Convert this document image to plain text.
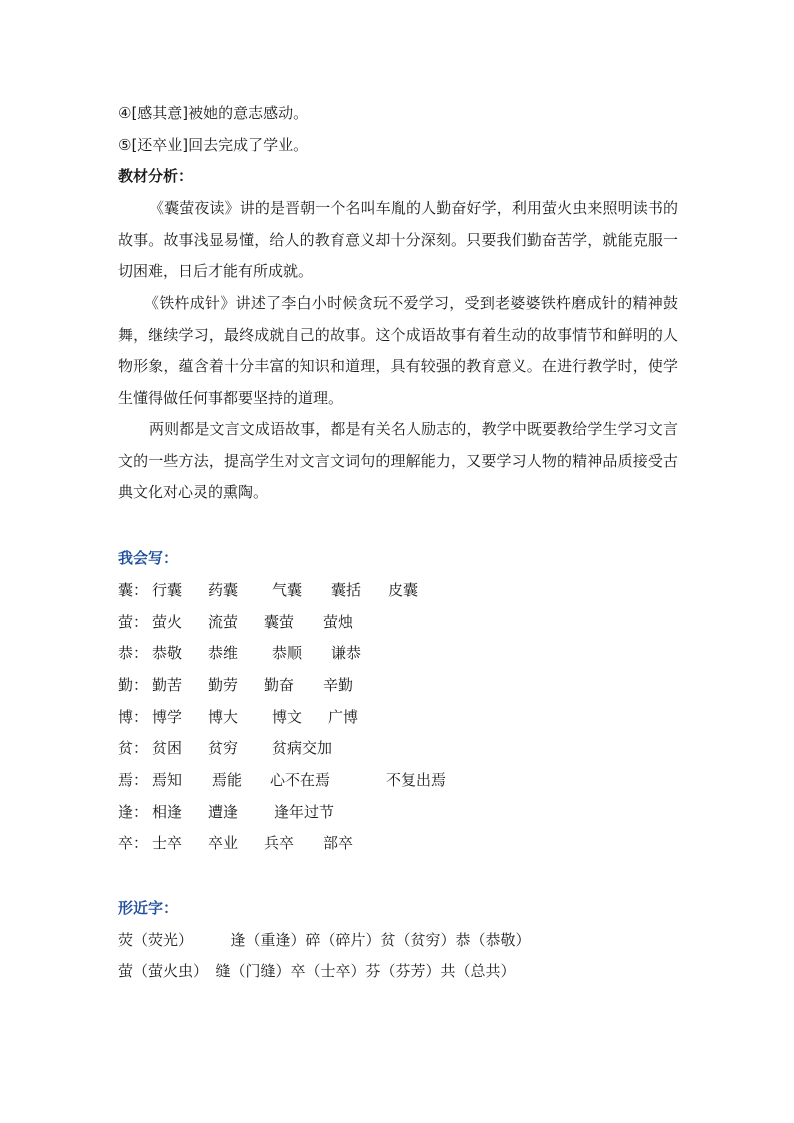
④[感其意]被她的意志感动。
⑤[还卒业]回去完成了学业。
教材分析：
《囊萤夜读》讲的是晋朝一个名叫车胤的人勤奋好学，利用萤火虫来照明读书的故事。故事浅显易懂，给人的教育意义却十分深刻。只要我们勤奋苦学，就能克服一切困难，日后才能有所成就。
《铁杵成针》讲述了李白小时候贪玩不爱学习，受到老婆婆铁杵磨成针的精神鼓舞，继续学习，最终成就自己的故事。这个成语故事有着生动的故事情节和鲜明的人物形象，蕴含着十分丰富的知识和道理，具有较强的教育意义。在进行教学时，使学生懂得做任何事都要坚持的道理。
两则都是文言文成语故事，都是有关名人励志的，教学中既要教给学生学习文言文的一些方法，提高学生对文言文词句的理解能力，又要学习人物的精神品质接受古典文化对心灵的熏陶。
我会写：
囊： 行囊 药囊 气囊 囊括 皮囊
萤： 萤火 流萤 囊萤 萤烛
恭： 恭敬 恭维 恭顺 谦恭
勤： 勤苦 勤劳 勤奋 辛勤
博： 博学 博大 博文 广博
贫： 贫困 贫穷 贫病交加
焉： 焉知 焉能 心不在焉	不复出焉
逢： 相逢 遭逢 逢年过节
卒： 士卒 卒业 兵卒 部卒
形近字：
荧（荧光）　　　逢（重逢）碎（碎片）贫（贫穷）恭（恭敬）
萤（萤火虫）　缝（门缝）卒（士卒）芬（芬芳）共（总共）
